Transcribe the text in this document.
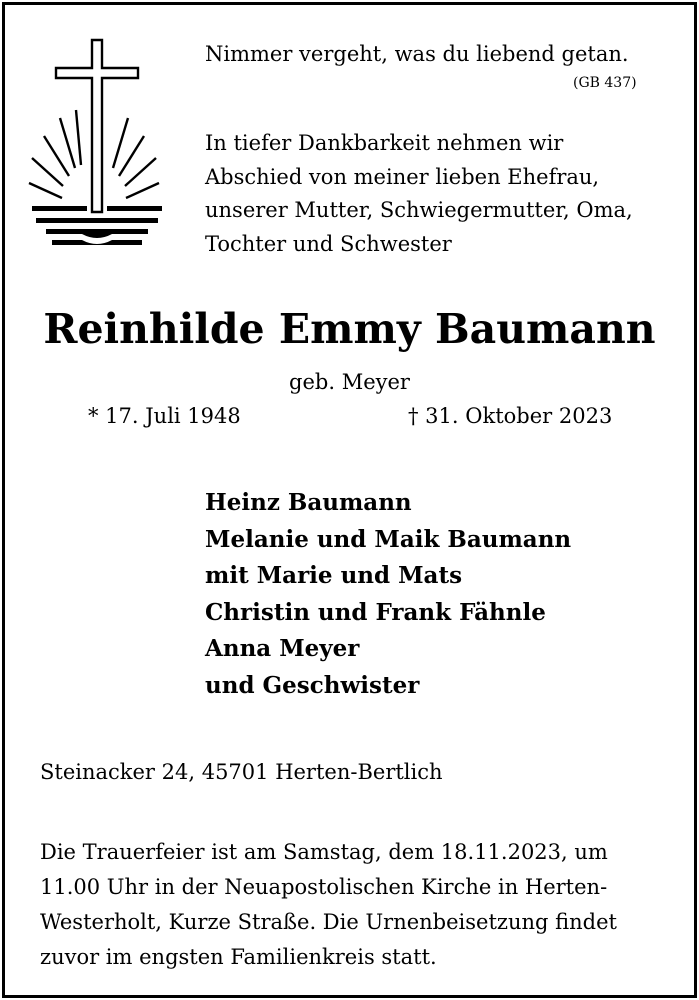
Nimmer vergeht, was du liebend getan.
(GB 437)
In tiefer Dankbarkeit nehmen wir
Abschied von meiner lieben Ehefrau,
unserer Mutter, Schwiegermutter, Oma,
Tochter und Schwester
Reinhilde Emmy Baumann
geb. Meyer
* 17. Juli 1948	† 31. Oktober 2023
Heinz Baumann
Melanie und Maik Baumann
mit Marie und Mats
Christin und Frank Fähnle
Anna Meyer
und Geschwister
Steinacker 24, 45701 Herten-Bertlich
Die Trauerfeier ist am Samstag, dem 18.11.2023, um
11.00 Uhr in der Neuapostolischen Kirche in Herten-
Westerholt, Kurze Straße. Die Urnenbeisetzung findet
zuvor im engsten Familienkreis statt.
